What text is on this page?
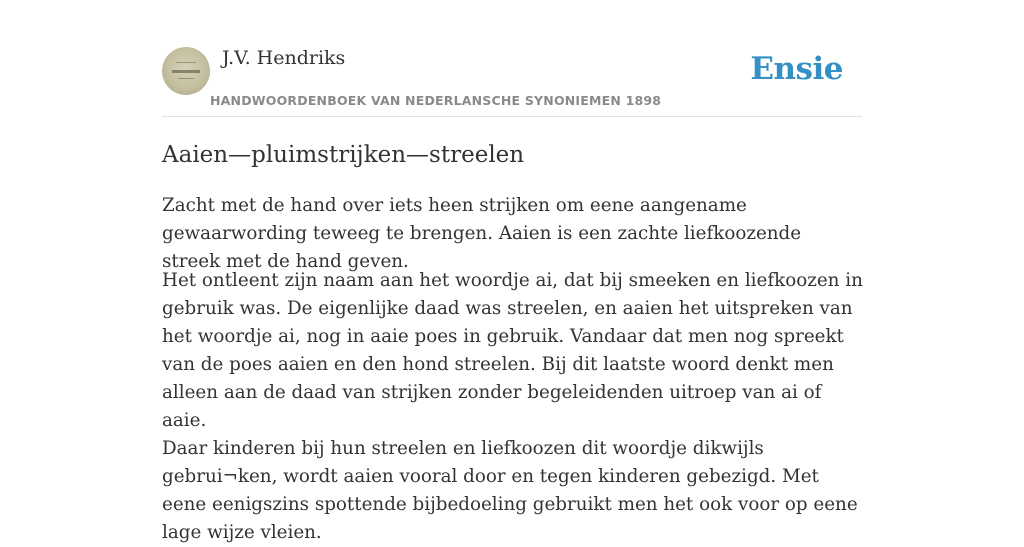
J.V. Hendriks
HANDWOORDENBOEK VAN NEDERLANSCHE SYNONIEMEN 1898
Ensie
Aaien—pluimstrijken—streelen

Zacht met de hand over iets heen strijken om eene aangename gewaarwording teweeg te brengen. Aaien is een zachte liefkoozende streek met de hand geven.

Het ontleent zijn naam aan het woordje ai, dat bij smeeken en liefkoozen in gebruik was. De eigenlijke daad was streelen, en aaien het uitspreken van het woordje ai, nog in aaie poes in gebruik. Vandaar dat men nog spreekt van de poes aaien en den hond streelen. Bij dit laatste woord denkt men alleen aan de daad van strijken zonder begeleidenden uitroep van ai of aaie.

Daar kinderen bij hun streelen en liefkoozen dit woordje dikwijls gebrui¬ken, wordt aaien vooral door en tegen kinderen gebezigd. Met eene eenigszins spottende bijbedoeling gebruikt men het ook voor op eene lage wijze vleien.
